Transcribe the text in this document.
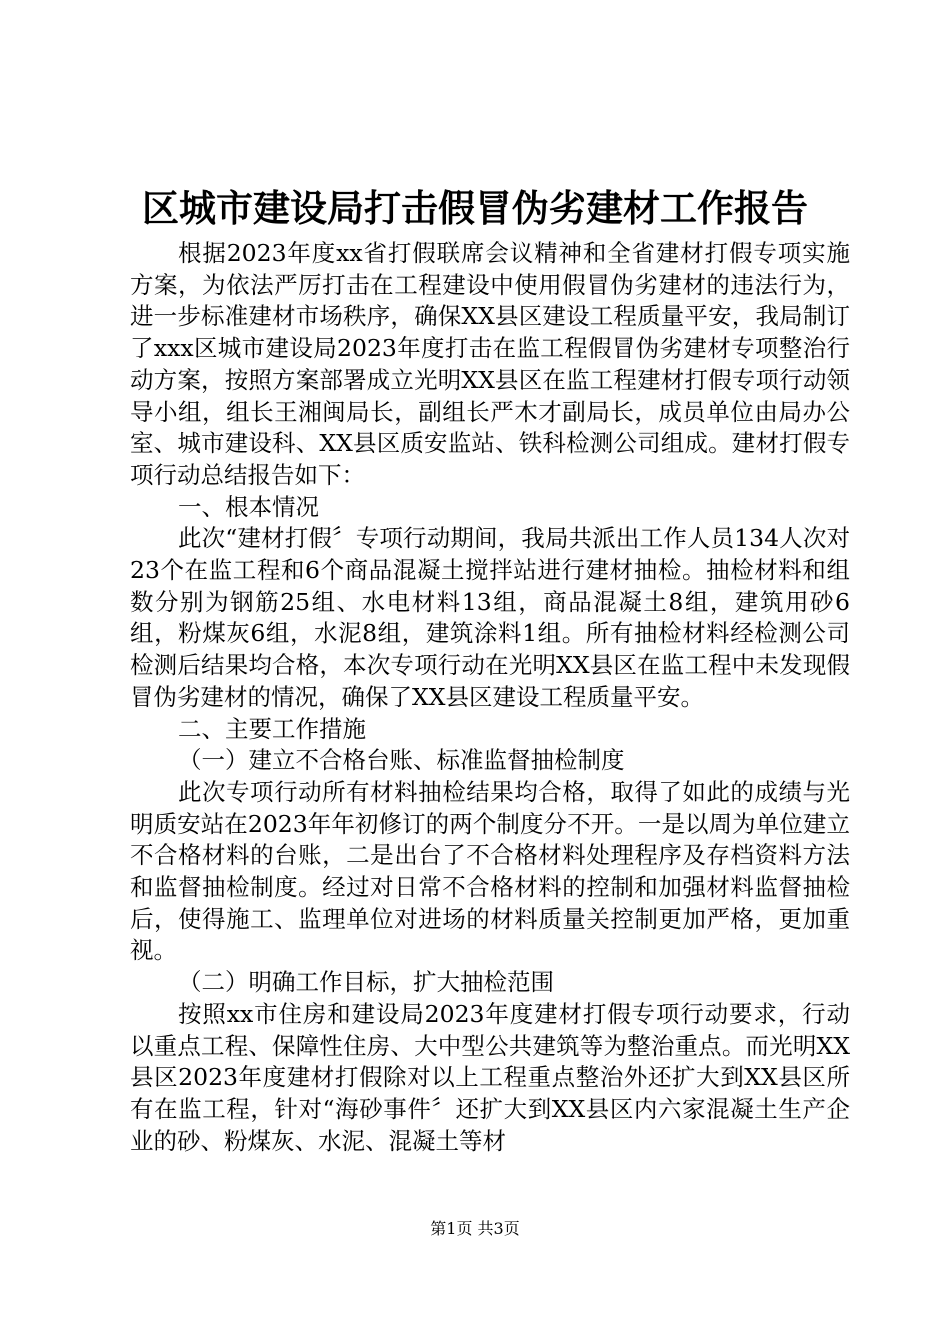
区城市建设局打击假冒伪劣建材工作报告

根据2023年度xx省打假联席会议精神和全省建材打假专项实施方案，为依法严厉打击在工程建设中使用假冒伪劣建材的违法行为，进一步标准建材市场秩序，确保XX县区建设工程质量平安，我局制订了xxx区城市建设局2023年度打击在监工程假冒伪劣建材专项整治行动方案，按照方案部署成立光明XX县区在监工程建材打假专项行动领导小组，组长王湘闽局长，副组长严木才副局长，成员单位由局办公室、城市建设科、XX县区质安监站、铁科检测公司组成。建材打假专项行动总结报告如下：

一、根本情况

此次“建材打假〞专项行动期间，我局共派出工作人员134人次对23个在监工程和6个商品混凝土搅拌站进行建材抽检。抽检材料和组数分别为钢筋25组、水电材料13组，商品混凝土8组，建筑用砂6组，粉煤灰6组，水泥8组，建筑涂料1组。所有抽检材料经检测公司检测后结果均合格，本次专项行动在光明XX县区在监工程中未发现假冒伪劣建材的情况，确保了XX县区建设工程质量平安。

二、主要工作措施

（一）建立不合格台账、标准监督抽检制度

此次专项行动所有材料抽检结果均合格，取得了如此的成绩与光明质安站在2023年年初修订的两个制度分不开。一是以周为单位建立不合格材料的台账，二是出台了不合格材料处理程序及存档资料方法和监督抽检制度。经过对日常不合格材料的控制和加强材料监督抽检后，使得施工、监理单位对进场的材料质量关控制更加严格，更加重视。

（二）明确工作目标，扩大抽检范围

按照xx市住房和建设局2023年度建材打假专项行动要求，行动以重点工程、保障性住房、大中型公共建筑等为整治重点。而光明XX县区2023年度建材打假除对以上工程重点整治外还扩大到XX县区所有在监工程，针对“海砂事件〞还扩大到XX县区内六家混凝土生产企业的砂、粉煤灰、水泥、混凝土等材

第1页 共3页
